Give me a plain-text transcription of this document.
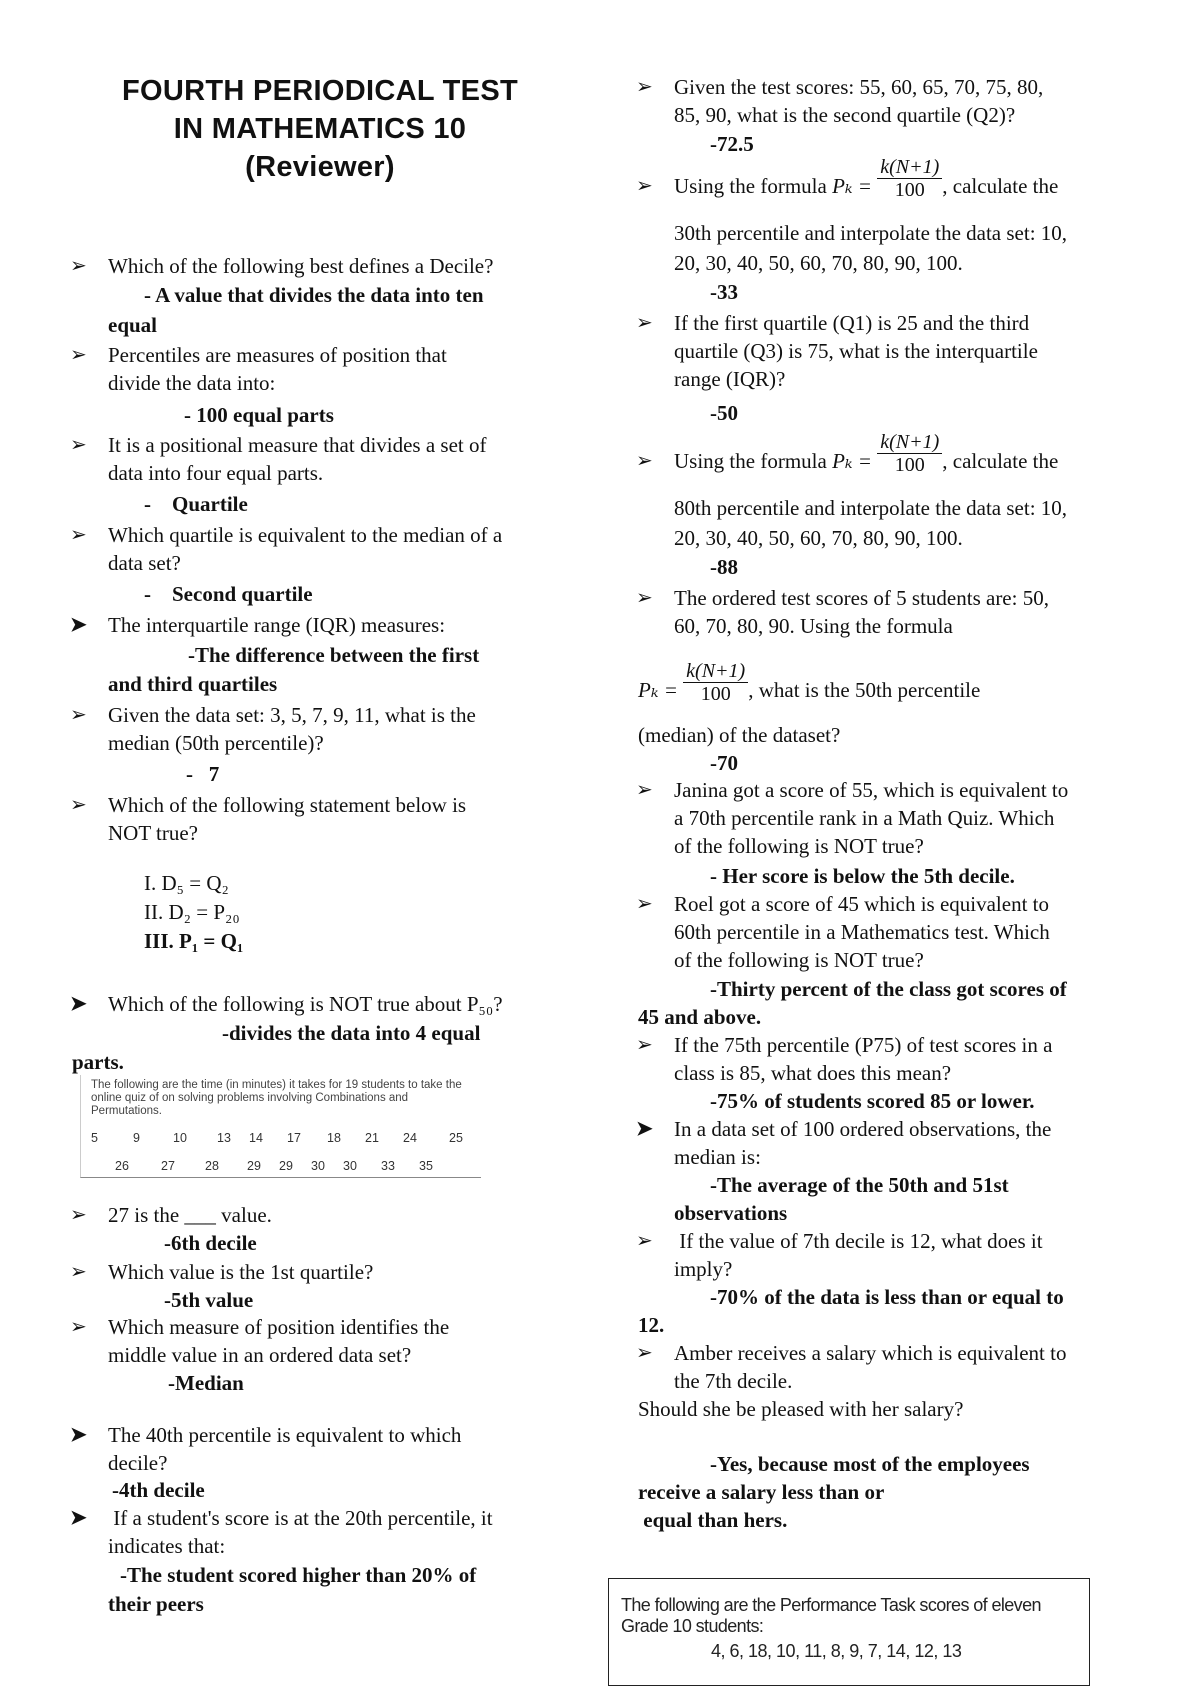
FOURTH PERIODICAL TEST
IN MATHEMATICS 10
(Reviewer)
➢	Which of the following best defines a Decile?
- A value that divides the data into ten
equal
➢	Percentiles are measures of position that
divide the data into:
- 100 equal parts
➢	It is a positional measure that divides a set of
data into four equal parts.
-    Quartile
➢	Which quartile is equivalent to the median of a
data set?
-    Second quartile
➤	The interquartile range (IQR) measures:
-The difference between the first
and third quartiles
➢	Given the data set: 3, 5, 7, 9, 11, what is the
median (50th percentile)?
-   7
➢	Which of the following statement below is
NOT true?
I. D₅ = Q₂
II. D₂ = P₂₀
III. P₁ = Q₁
➤	Which of the following is NOT true about P₅₀?
-divides the data into 4 equal
parts.
The following are the time (in minutes) it takes for 19 students to take the online quiz of on solving problems involving Combinations and Permutations.
5	9	10 13 14 17 18 21 24	25
26	27 28 29 29 30 30 33 35
➢	27 is the ___ value.
-6th decile
➢	Which value is the 1st quartile?
-5th value
➢	Which measure of position identifies the
middle value in an ordered data set?
-Median
➤	The 40th percentile is equivalent to which
decile?
-4th decile
➤	If a student's score is at the 20th percentile, it
indicates that:
-The student scored higher than 20% of
their peers
➢	Given the test scores: 55, 60, 65, 70, 75, 80,
85, 90, what is the second quartile (Q2)?
-72.5
➢	Using the formula $P_k = \frac{k(N+1)}{100}$ , calculate the
30th percentile and interpolate the data set: 10,
20, 30, 40, 50, 60, 70, 80, 90, 100.
-33
➢	If the first quartile (Q1) is 25 and the third
quartile (Q3) is 75, what is the interquartile
range (IQR)?
-50
➢	Using the formula $P_k = \frac{k(N+1)}{100}$ , calculate the
80th percentile and interpolate the data set: 10,
20, 30, 40, 50, 60, 70, 80, 90, 100.
-88
➢	The ordered test scores of 5 students are: 50,
60, 70, 80, 90. Using the formula
$P_k = \frac{k(N+1)}{100}$ , what is the 50th percentile
(median) of the dataset?
-70
➢	Janina got a score of 55, which is equivalent to
a 70th percentile rank in a Math Quiz. Which
of the following is NOT true?
- Her score is below the 5th decile.
➢	Roel got a score of 45 which is equivalent to
60th percentile in a Mathematics test. Which
of the following is NOT true?
-Thirty percent of the class got scores of
45 and above.
➢	If the 75th percentile (P75) of test scores in a
class is 85, what does this mean?
-75% of students scored 85 or lower.
➤	In a data set of 100 ordered observations, the
median is:
-The average of the 50th and 51st
observations
➢	If the value of 7th decile is 12, what does it
imply?
-70% of the data is less than or equal to
12.
➢	Amber receives a salary which is equivalent to
the 7th decile.
Should she be pleased with her salary?
-Yes, because most of the employees
receive a salary less than or
equal than hers.
The following are the Performance Task scores of eleven Grade 10 students:
4, 6, 18, 10, 11, 8, 9, 7, 14, 12, 13
